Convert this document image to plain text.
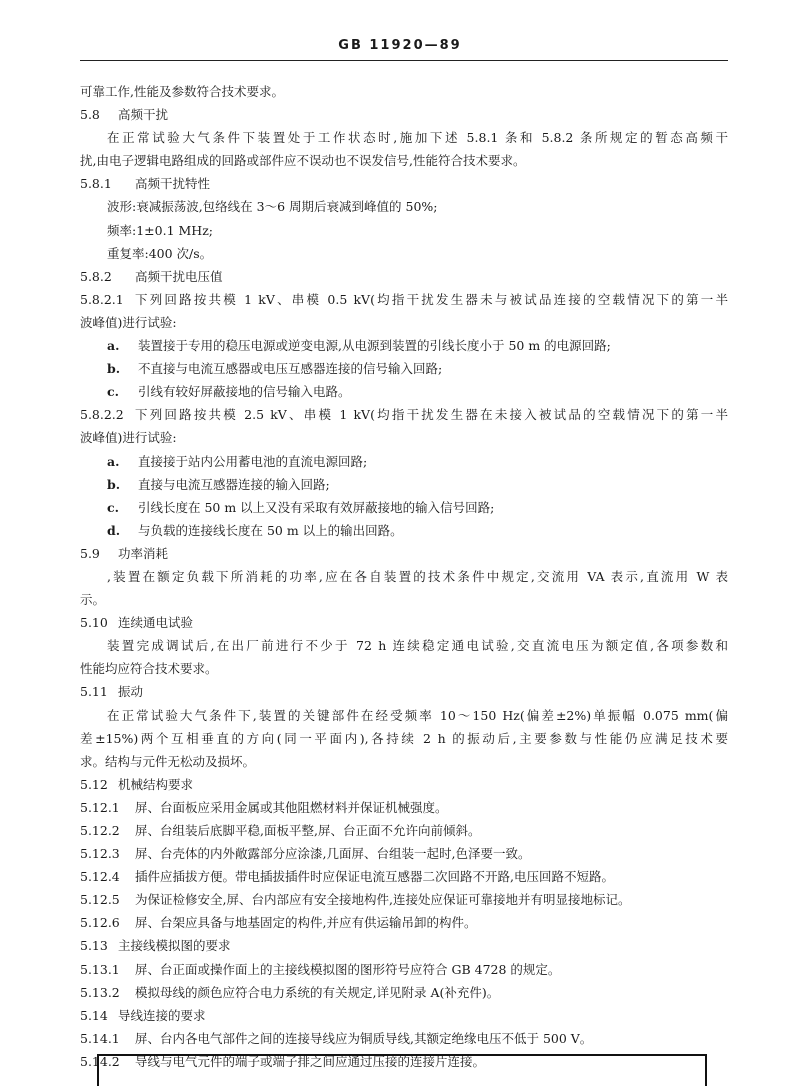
GB 11920—89
可靠工作,性能及参数符合技术要求。
5.8 高频干扰
在正常试验大气条件下装置处于工作状态时,施加下述 5.8.1 条和 5.8.2 条所规定的暂态高频干
扰,由电子逻辑电路组成的回路或部件应不误动也不误发信号,性能符合技术要求。
5.8.1 高频干扰特性
波形:衰减振荡波,包络线在 3～6 周期后衰减到峰值的 50%;
频率:1±0.1 MHz;
重复率:400 次/s。
5.8.2 高频干扰电压值
5.8.2.1 下列回路按共模 1 kV、串模 0.5 kV(均指干扰发生器未与被试品连接的空载情况下的第一半
波峰值)进行试验:
a. 装置接于专用的稳压电源或逆变电源,从电源到装置的引线长度小于 50 m 的电源回路;
b. 不直接与电流互感器或电压互感器连接的信号输入回路;
c. 引线有较好屏蔽接地的信号输入电路。
5.8.2.2 下列回路按共模 2.5 kV、串模 1 kV(均指干扰发生器在未接入被试品的空载情况下的第一半
波峰值)进行试验:
a. 直接接于站内公用蓄电池的直流电源回路;
b. 直接与电流互感器连接的输入回路;
c. 引线长度在 50 m 以上又没有采取有效屏蔽接地的输入信号回路;
d. 与负载的连接线长度在 50 m 以上的输出回路。
5.9 功率消耗
,装置在额定负载下所消耗的功率,应在各自装置的技术条件中规定,交流用 VA 表示,直流用 W 表
示。
5.10 连续通电试验
装置完成调试后,在出厂前进行不少于 72 h 连续稳定通电试验,交直流电压为额定值,各项参数和
性能均应符合技术要求。
5.11 振动
在正常试验大气条件下,装置的关键部件在经受频率 10～150 Hz(偏差±2%)单振幅 0.075 mm(偏
差±15%)两个互相垂直的方向(同一平面内),各持续 2 h 的振动后,主要参数与性能仍应满足技术要
求。结构与元件无松动及损坏。
5.12 机械结构要求
5.12.1 屏、台面板应采用金属或其他阻燃材料并保证机械强度。
5.12.2 屏、台组装后底脚平稳,面板平整,屏、台正面不允许向前倾斜。
5.12.3 屏、台壳体的内外敞露部分应涂漆,几面屏、台组装一起时,色泽要一致。
5.12.4 插件应插拔方便。带电插拔插件时应保证电流互感器二次回路不开路,电压回路不短路。
5.12.5 为保证检修安全,屏、台内部应有安全接地构件,连接处应保证可靠接地并有明显接地标记。
5.12.6 屏、台架应具备与地基固定的构件,并应有供运输吊卸的构件。
5.13 主接线模拟图的要求
5.13.1 屏、台正面或操作面上的主接线模拟图的图形符号应符合 GB 4728 的规定。
5.13.2 模拟母线的颜色应符合电力系统的有关规定,详见附录 A(补充件)。
5.14 导线连接的要求
5.14.1 屏、台内各电气部件之间的连接导线应为铜质导线,其额定绝缘电压不低于 500 V。
5.14.2 导线与电气元件的端子或端子排之间应通过压接的连接片连接。
